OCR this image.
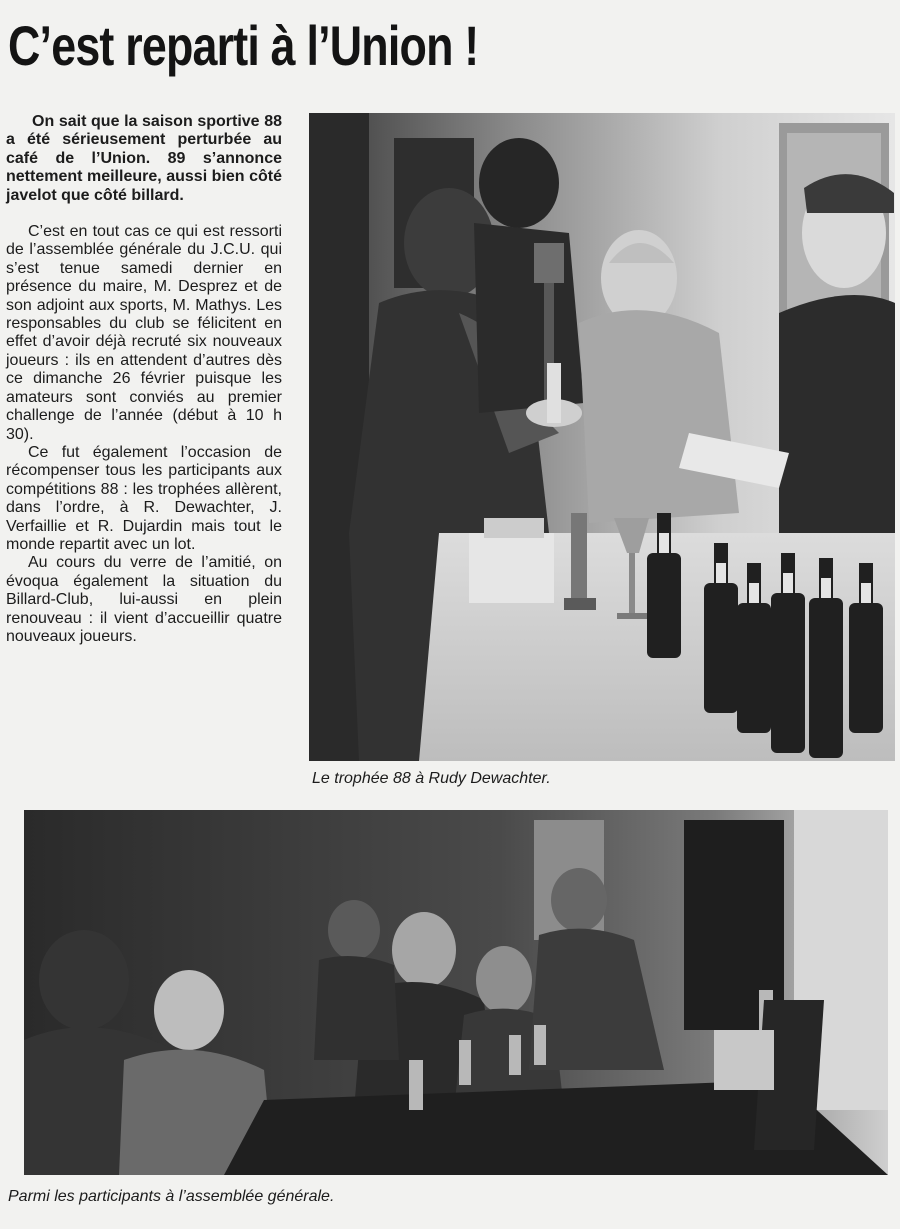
C’est reparti à l’Union !

On sait que la saison sportive 88 a été sérieusement perturbée au café de l’Union. 89 s’annonce nettement meilleure, aussi bien côté javelot que côté billard.

C’est en tout cas ce qui est ressorti de l’assemblée générale du J.C.U. qui s’est tenue samedi dernier en présence du maire, M. Desprez et de son adjoint aux sports, M. Mathys. Les responsables du club se félicitent en effet d’avoir déjà recruté six nouveaux joueurs : ils en attendent d’autres dès ce dimanche 26 février puisque les amateurs sont conviés au premier challenge de l’année (début à 10 h 30).

Ce fut également l’occasion de récompenser tous les participants aux compétitions 88 : les trophées allèrent, dans l’ordre, à R. Dewachter, J. Verfaillie et R. Dujardin mais tout le monde repartit avec un lot.

Au cours du verre de l’amitié, on évoqua également la situation du Billard-Club, lui-aussi en plein renouveau : il vient d’accueillir quatre nouveaux joueurs.

Le trophée 88 à Rudy Dewachter.

Parmi les participants à l’assemblée générale.
